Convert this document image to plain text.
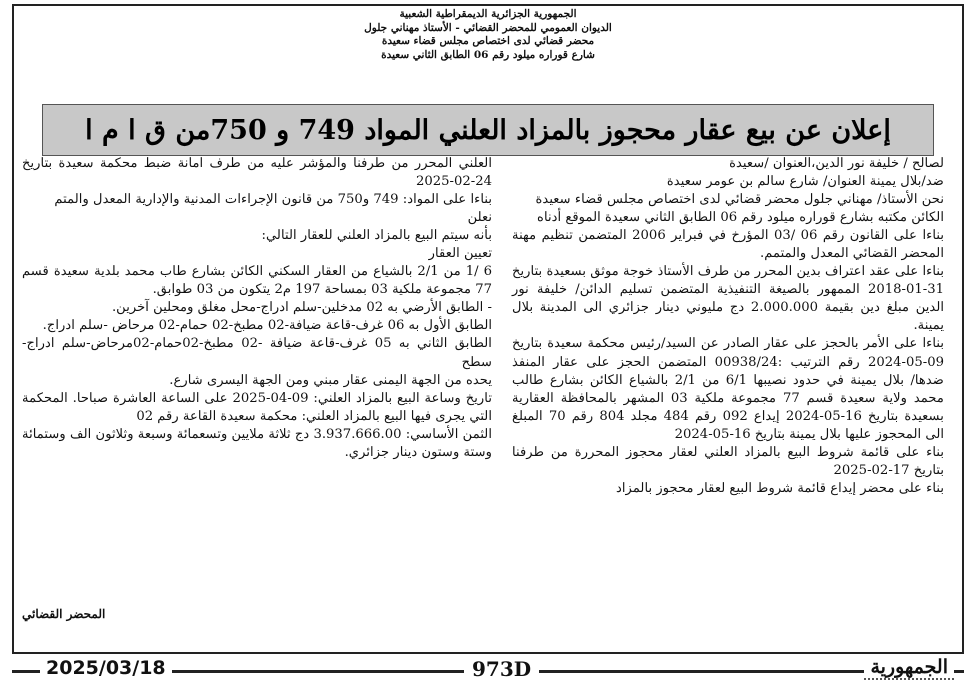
الجمهورية الجزائرية الديمقراطية الشعبية
الديوان العمومي للمحضر القضائي - الأستاذ مهناني جلول
محضر قضائي لدى اختصاص مجلس قضاء سعيدة
شارع قوراره ميلود رقم 06 الطابق الثاني سعيدة
إعلان عن بيع عقار محجوز بالمزاد العلني المواد 749 و 750من ق ا م ا

لصالح / خليفة نور الدين،العنوان /سعيدة

ضد/بلال يمينة العنوان/ شارع سالم بن عومر سعيدة

نحن الأستاذ/ مهناني جلول محضر قضائي لدى اختصاص مجلس قضاء سعيدة

الكائن مكتبه بشارع قوراره ميلود رقم 06 الطابق الثاني سعيدة الموقع أدناه

بناءا على القانون رقم 06 /03 المؤرخ في فبراير 2006 المتضمن تنظيم مهنة المحضر القضائي المعدل والمتمم.

بناءا على عقد اعتراف بدين المحرر من طرف الأستاذ خوجة موثق بسعيدة بتاريخ 31-01-2018 الممهور بالصيغة التنفيذية المتضمن تسليم الدائن/ خليفة نور الدين مبلغ دين بقيمة 2.000.000 دج مليوني دينار جزائري الى المدينة بلال يمينة.

بناءا على الأمر بالحجز على عقار الصادر عن السيد/رئيس محكمة سعيدة بتاريخ 09-05-2024 رقم الترتيب :00938/24 المتضمن الحجز على عقار المنفذ ضدها/ بلال يمينة في حدود نصيبها 6/1 من 2/1 بالشياع الكائن بشارع طالب محمد ولاية سعيدة قسم 77 مجموعة ملكية 03 المشهر بالمحافظة العقارية بسعيدة بتاريخ 16-05-2024 إيداع 092 رقم 484 مجلد 804 رقم 70 المبلغ الى المحجوز عليها بلال يمينة بتاريخ 16-05-2024

بناء على قائمة شروط البيع بالمزاد العلني لعقار محجوز المحررة من طرفنا بتاريخ 17-02-2025

بناء على محضر إيداع قائمة شروط البيع لعقار محجوز بالمزاد

العلني المحرر من طرفنا والمؤشر عليه من طرف امانة ضبط محكمة سعيدة بتاريخ 24-02-2025

بناءا على المواد: 749 و750 من قانون الإجراءات المدنية والإدارية المعدل والمتم

نعلن

بأنه سيتم البيع بالمزاد العلني للعقار التالي:

تعيين العقار

6 /1 من 2/1 بالشياع من العقار السكني الكائن بشارع طاب محمد بلدية سعيدة قسم 77 مجموعة ملكية 03 بمساحة 197 م2 يتكون من 03 طوابق.

- الطابق الأرضي به 02 مدخلين-سلم ادراج-محل مغلق ومحلين آخرين.

الطابق الأول به 06 غرف-قاعة ضيافة-02 مطبخ-02 حمام-02 مرحاض -سلم ادراج.

الطابق الثاني به 05 غرف-قاعة ضيافة -02 مطبخ-02حمام-02مرحاض-سلم ادراج-سطح

يحده من الجهة اليمنى عقار مبني ومن الجهة اليسرى شارع.

تاريخ وساعة البيع بالمزاد العلني: 09-04-2025 على الساعة العاشرة صباحا. المحكمة التي يجرى فيها البيع بالمزاد العلني: محكمة سعيدة القاعة رقم 02

الثمن الأساسي: 3.937.666.00 دج ثلاثة ملايين وتسعمائة وسبعة وثلاثون الف وستمائة وستة وستون دينار جزائري.

المحضر القضائي
2025/03/18	973D	الجمهورية
